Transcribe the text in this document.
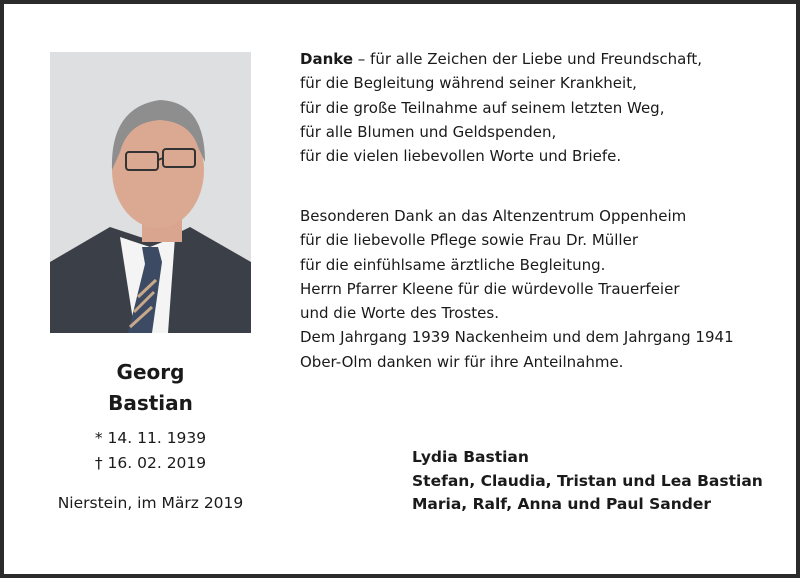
Georg
Bastian
* 14. 11. 1939
† 16. 02. 2019
Nierstein, im März 2019
Danke – für alle Zeichen der Liebe und Freundschaft,
für die Begleitung während seiner Krankheit,
für die große Teilnahme auf seinem letzten Weg,
für alle Blumen und Geldspenden,
für die vielen liebevollen Worte und Briefe.
Besonderen Dank an das Altenzentrum Oppenheim
für die liebevolle Pflege sowie Frau Dr. Müller
für die einfühlsame ärztliche Begleitung.
Herrn Pfarrer Kleene für die würdevolle Trauerfeier
und die Worte des Trostes.
Dem Jahrgang 1939 Nackenheim und dem Jahrgang 1941
Ober-Olm danken wir für ihre Anteilnahme.
Lydia Bastian
Stefan, Claudia, Tristan und Lea Bastian
Maria, Ralf, Anna und Paul Sander
